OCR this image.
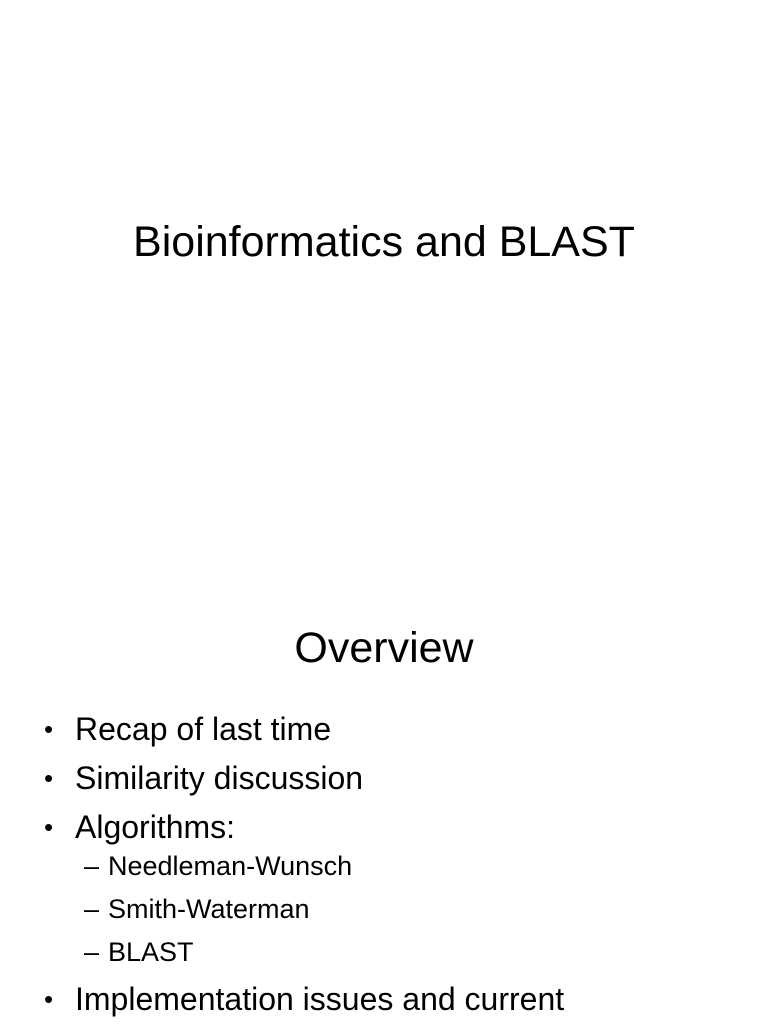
Bioinformatics and BLAST
Overview
• Recap of last time
• Similarity discussion
• Algorithms:
– Needleman-Wunsch
– Smith-Waterman
– BLAST
• Implementation issues and current
